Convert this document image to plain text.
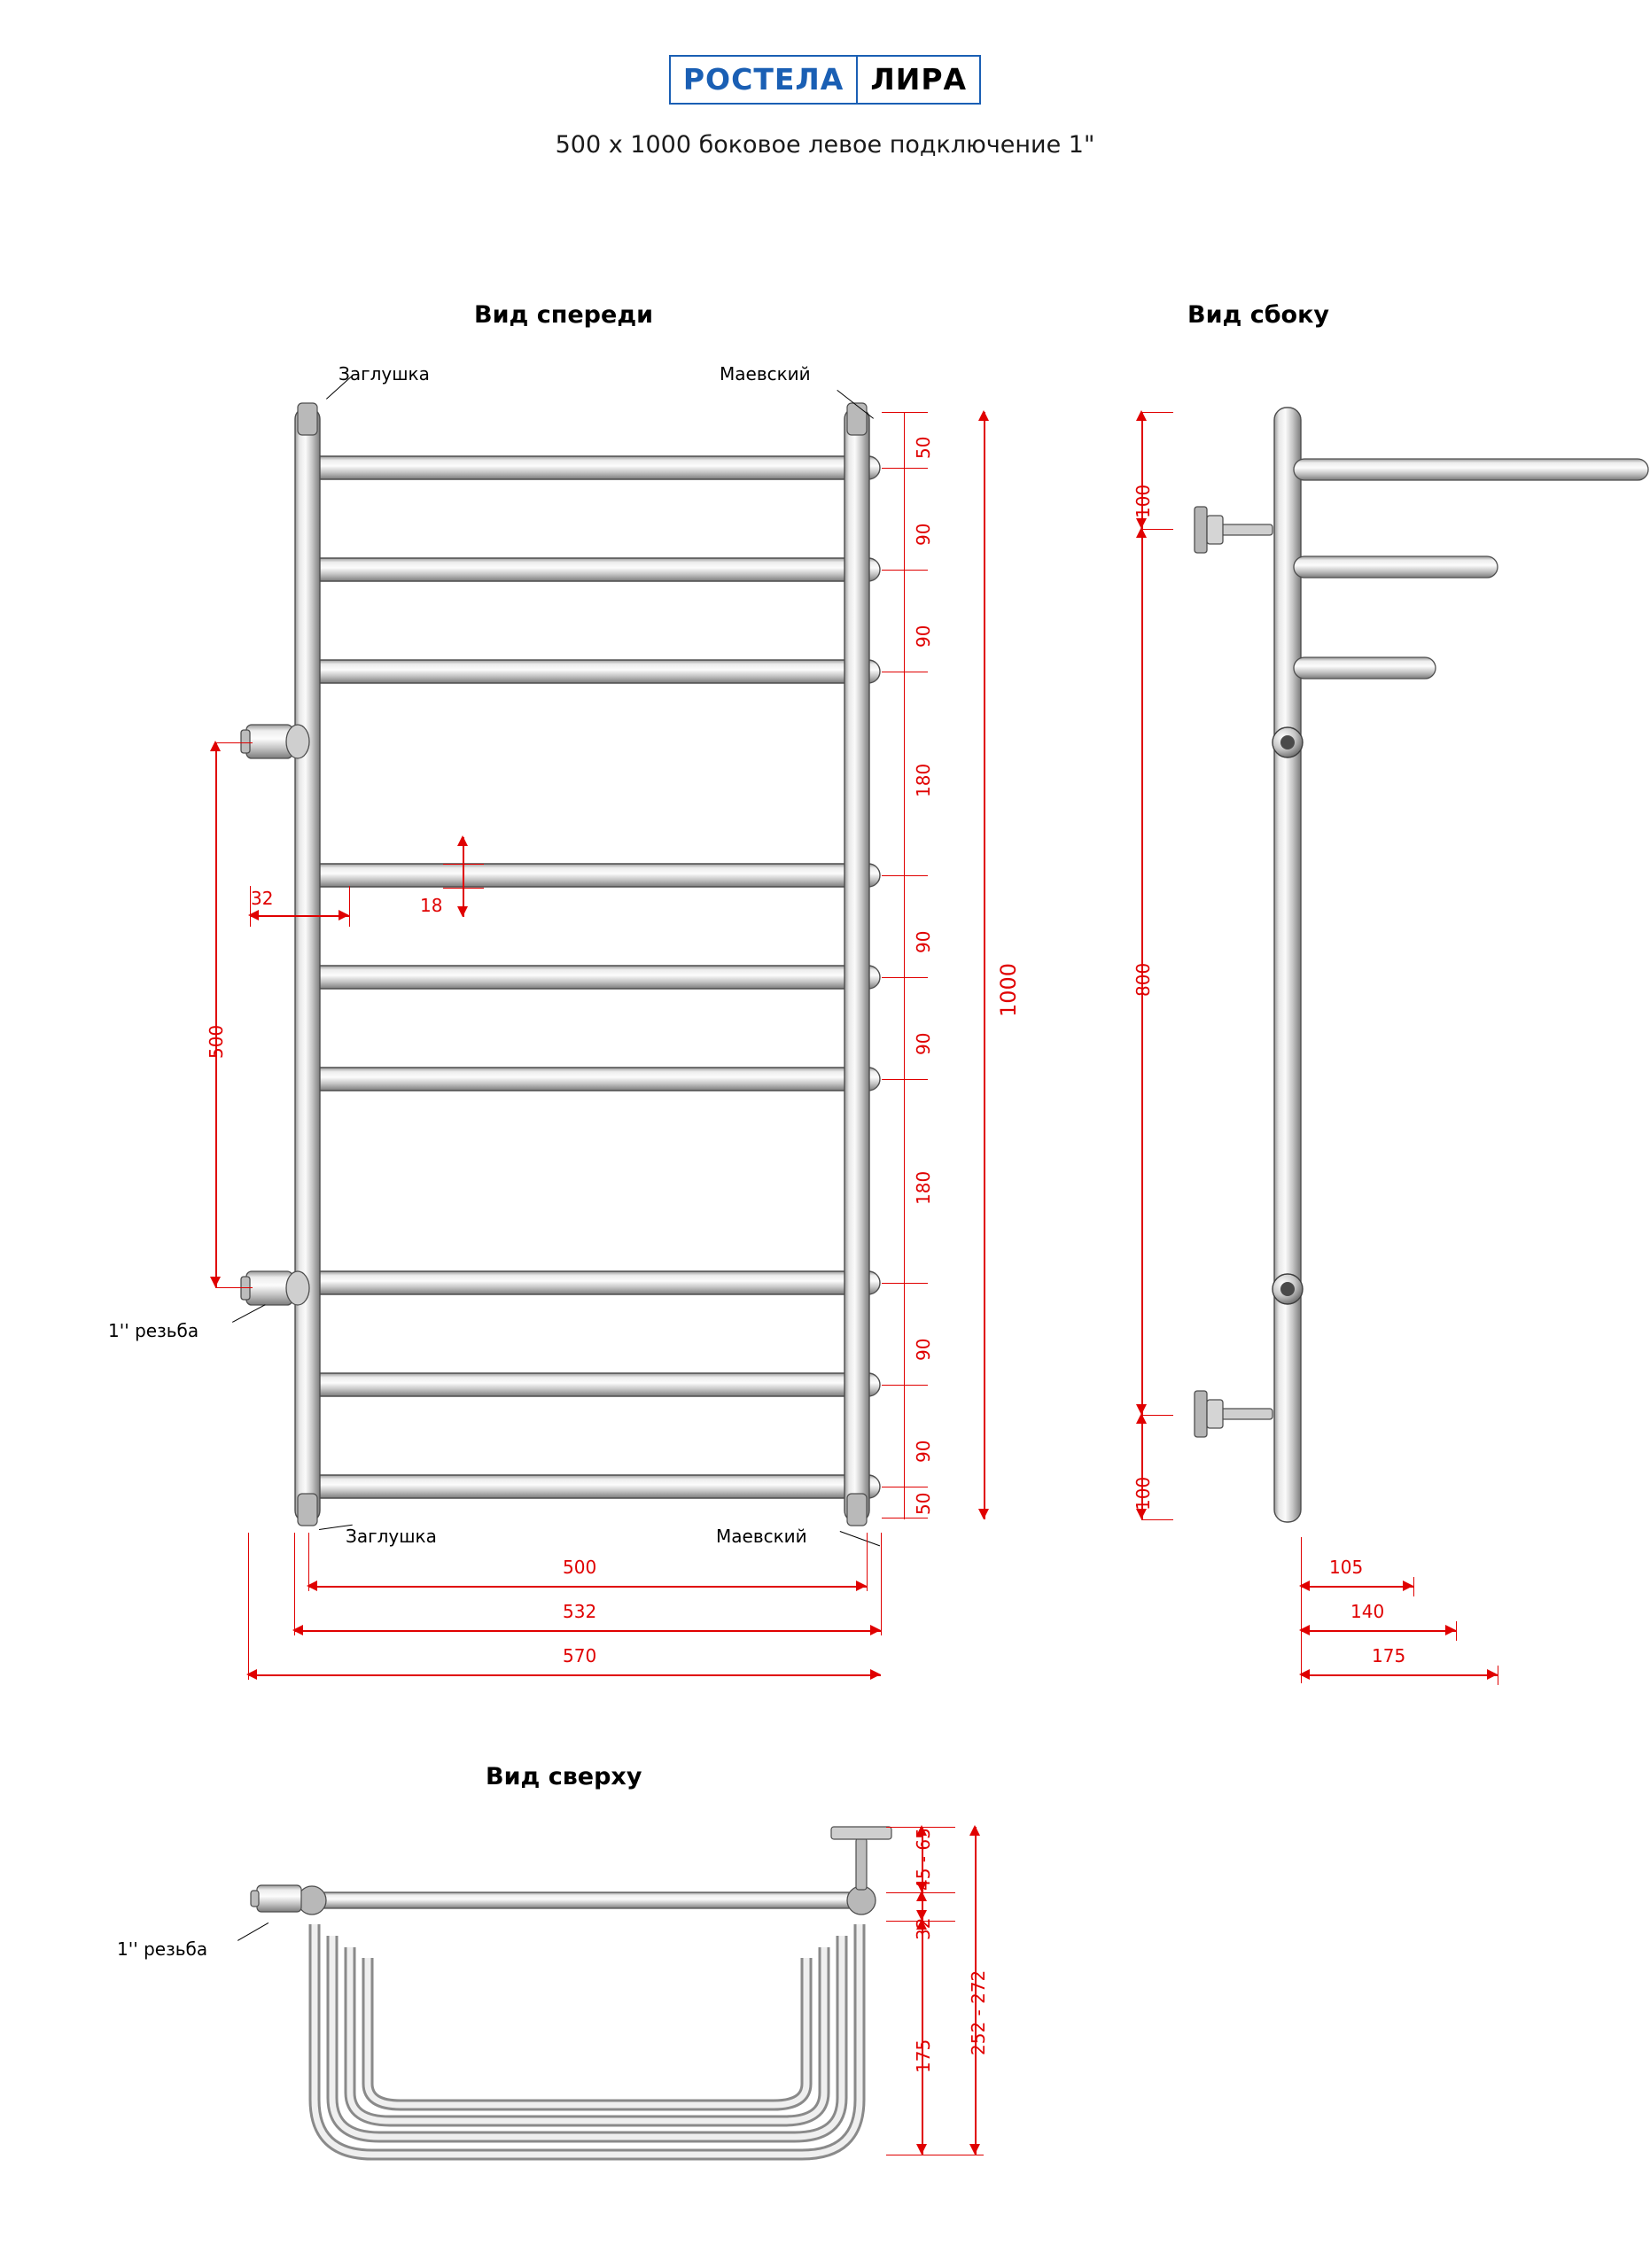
РОСТЕЛА ЛИРА
500 x 1000 боковое левое подключение 1"
Вид спереди	Вид сбоку
Вид сверху
Заглушка	Маевский
Заглушка	Маевский
1'' резьба
50
90
90
180
90
90
180
90
90
50
1000
500
32	18
500
532
570
100
800
100
105
140
175
1'' резьба
45 - 65
32
175
252 - 272
